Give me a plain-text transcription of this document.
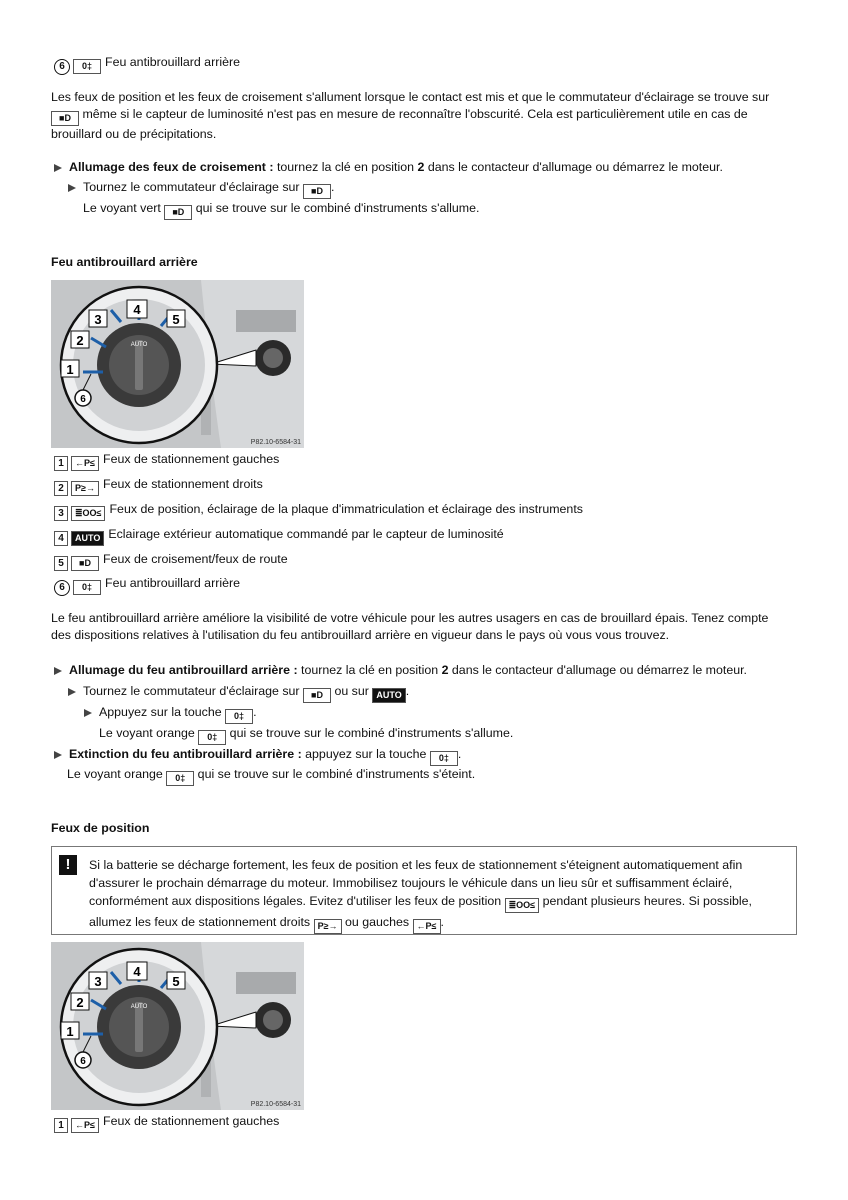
6 0‡ Feu antibrouillard arrière
Les feux de position et les feux de croisement s'allument lorsque le contact est mis et que le commutateur d'éclairage se trouve sur
■D même si le capteur de luminosité n'est pas en mesure de reconnaître l'obscurité. Cela est particulièrement utile en cas de
brouillard ou de précipitations.
Allumage des feux de croisement : tournez la clé en position 2 dans le contacteur d'allumage ou démarrez le moteur.
Tournez le commutateur d'éclairage sur ■D .
Le voyant vert ■D qui se trouve sur le combiné d'instruments s'allume.
Feu antibrouillard arrière
4
3	5
2
1
6
AUTO
P82.10-6584-31
1 ←P≤ Feux de stationnement gauches
2 P≥→ Feux de stationnement droits
3 ≣OO≤ Feux de position, éclairage de la plaque d'immatriculation et éclairage des instruments
4 AUTO Eclairage extérieur automatique commandé par le capteur de luminosité
5 ■D Feux de croisement/feux de route
6 0‡ Feu antibrouillard arrière
Le feu antibrouillard arrière améliore la visibilité de votre véhicule pour les autres usagers en cas de brouillard épais. Tenez compte
des dispositions relatives à l'utilisation du feu antibrouillard arrière en vigueur dans le pays où vous vous trouvez.
Allumage du feu antibrouillard arrière : tournez la clé en position 2 dans le contacteur d'allumage ou démarrez le moteur.
Tournez le commutateur d'éclairage sur ■D ou sur AUTO .
Appuyez sur la touche 0‡ .
Le voyant orange 0‡ qui se trouve sur le combiné d'instruments s'allume.
Extinction du feu antibrouillard arrière : appuyez sur la touche 0‡ .
Le voyant orange 0‡ qui se trouve sur le combiné d'instruments s'éteint.
Feux de position
!	Si la batterie se décharge fortement, les feux de position et les feux de stationnement s'éteignent automatiquement afin
d'assurer le prochain démarrage du moteur. Immobilisez toujours le véhicule dans un lieu sûr et suffisamment éclairé,
conformément aux dispositions légales. Evitez d'utiliser les feux de position ≣OO≤ pendant plusieurs heures. Si possible,
allumez les feux de stationnement droits P≥→ ou gauches ←P≤ .
4
3	5
2
1
6
AUTO
P82.10-6584-31
1 ←P≤ Feux de stationnement gauches
